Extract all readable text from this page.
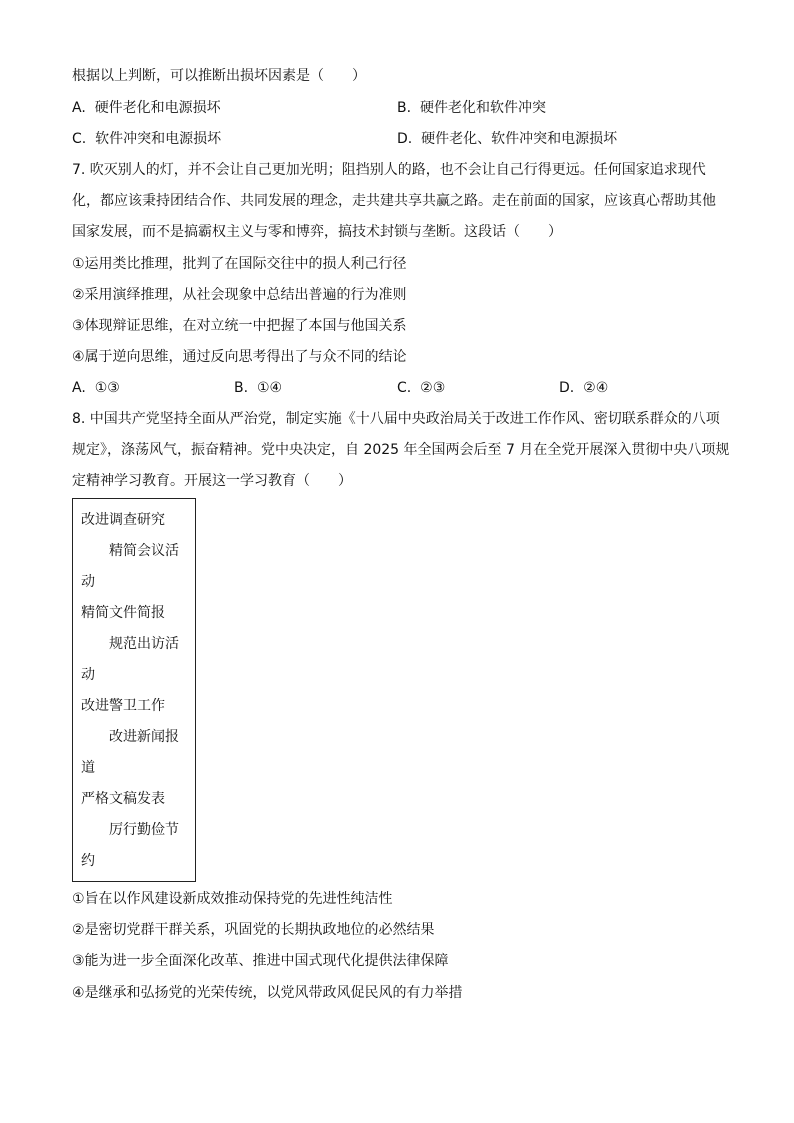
根据以上判断，可以推断出损坏因素是（　　）
A. 硬件老化和电源损坏	B. 硬件老化和软件冲突
C. 软件冲突和电源损坏	D. 硬件老化、软件冲突和电源损坏
7. 吹灭别人的灯，并不会让自己更加光明；阻挡别人的路，也不会让自己行得更远。任何国家追求现代
化，都应该秉持团结合作、共同发展的理念，走共建共享共赢之路。走在前面的国家，应该真心帮助其他
国家发展，而不是搞霸权主义与零和博弈，搞技术封锁与垄断。这段话（　　）
①运用类比推理，批判了在国际交往中的损人利己行径
②采用演绎推理，从社会现象中总结出普遍的行为准则
③体现辩证思维，在对立统一中把握了本国与他国关系
④属于逆向思维，通过反向思考得出了与众不同的结论
A. ①③	B. ①④	C. ②③	D. ②④
8. 中国共产党坚持全面从严治党，制定实施《十八届中央政治局关于改进工作作风、密切联系群众的八项
规定》，涤荡风气，振奋精神。党中央决定，自 2025 年全国两会后至 7 月在全党开展深入贯彻中央八项规
定精神学习教育。开展这一学习教育（　　）
改进调查研究
精简会议活
动
精简文件简报
规范出访活
动
改进警卫工作
改进新闻报
道
严格文稿发表
厉行勤俭节
约
①旨在以作风建设新成效推动保持党的先进性纯洁性
②是密切党群干群关系，巩固党的长期执政地位的必然结果
③能为进一步全面深化改革、推进中国式现代化提供法律保障
④是继承和弘扬党的光荣传统，以党风带政风促民风的有力举措
